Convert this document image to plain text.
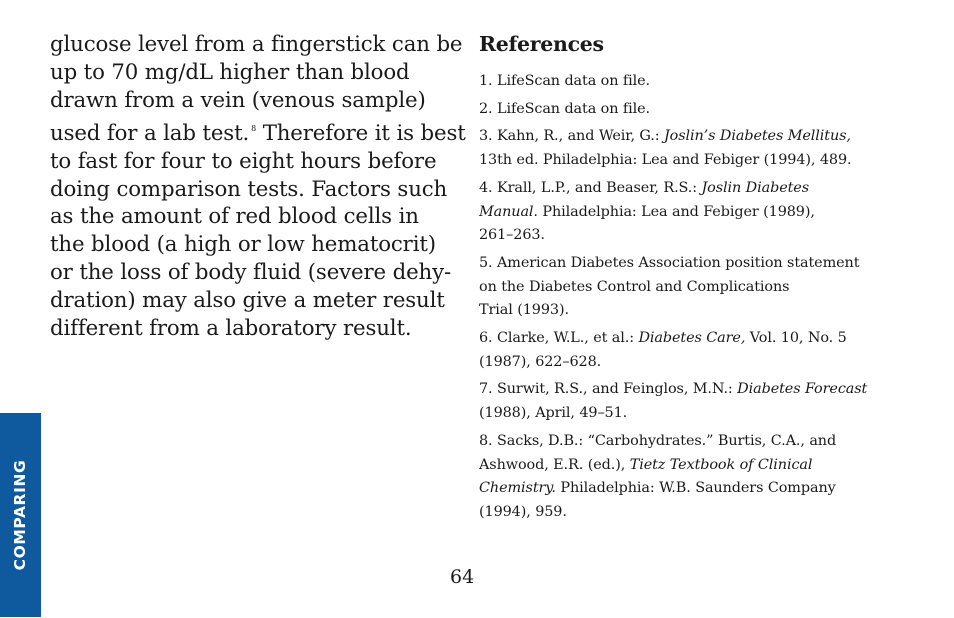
glucose level from a fingerstick can be
up to 70 mg/dL higher than blood
drawn from a vein (venous sample)
used for a lab test. $^8$ Therefore it is best
to fast for four to eight hours before
doing comparison tests. Factors such
as the amount of red blood cells in
the blood (a high or low hematocrit)
or the loss of body fluid (severe dehy-
dration) may also give a meter result
different from a laboratory result.
References
1. LifeScan data on file.
2. LifeScan data on file.
3. Kahn, R., and Weir, G.: Joslin’s Diabetes Mellitus,
13th ed. Philadelphia: Lea and Febiger (1994), 489.
4. Krall, L.P., and Beaser, R.S.: Joslin Diabetes
Manual. Philadelphia: Lea and Febiger (1989),
261–263.
5. American Diabetes Association position statement
on the Diabetes Control and Complications
Trial (1993).
6. Clarke, W.L., et al.: Diabetes Care, Vol. 10, No. 5
(1987), 622–628.
7. Surwit, R.S., and Feinglos, M.N.: Diabetes Forecast
(1988), April, 49–51.
8. Sacks, D.B.: “Carbohydrates.” Burtis, C.A., and
Ashwood, E.R. (ed.), Tietz Textbook of Clinical
Chemistry. Philadelphia: W.B. Saunders Company
(1994), 959.
COMPARING
64
